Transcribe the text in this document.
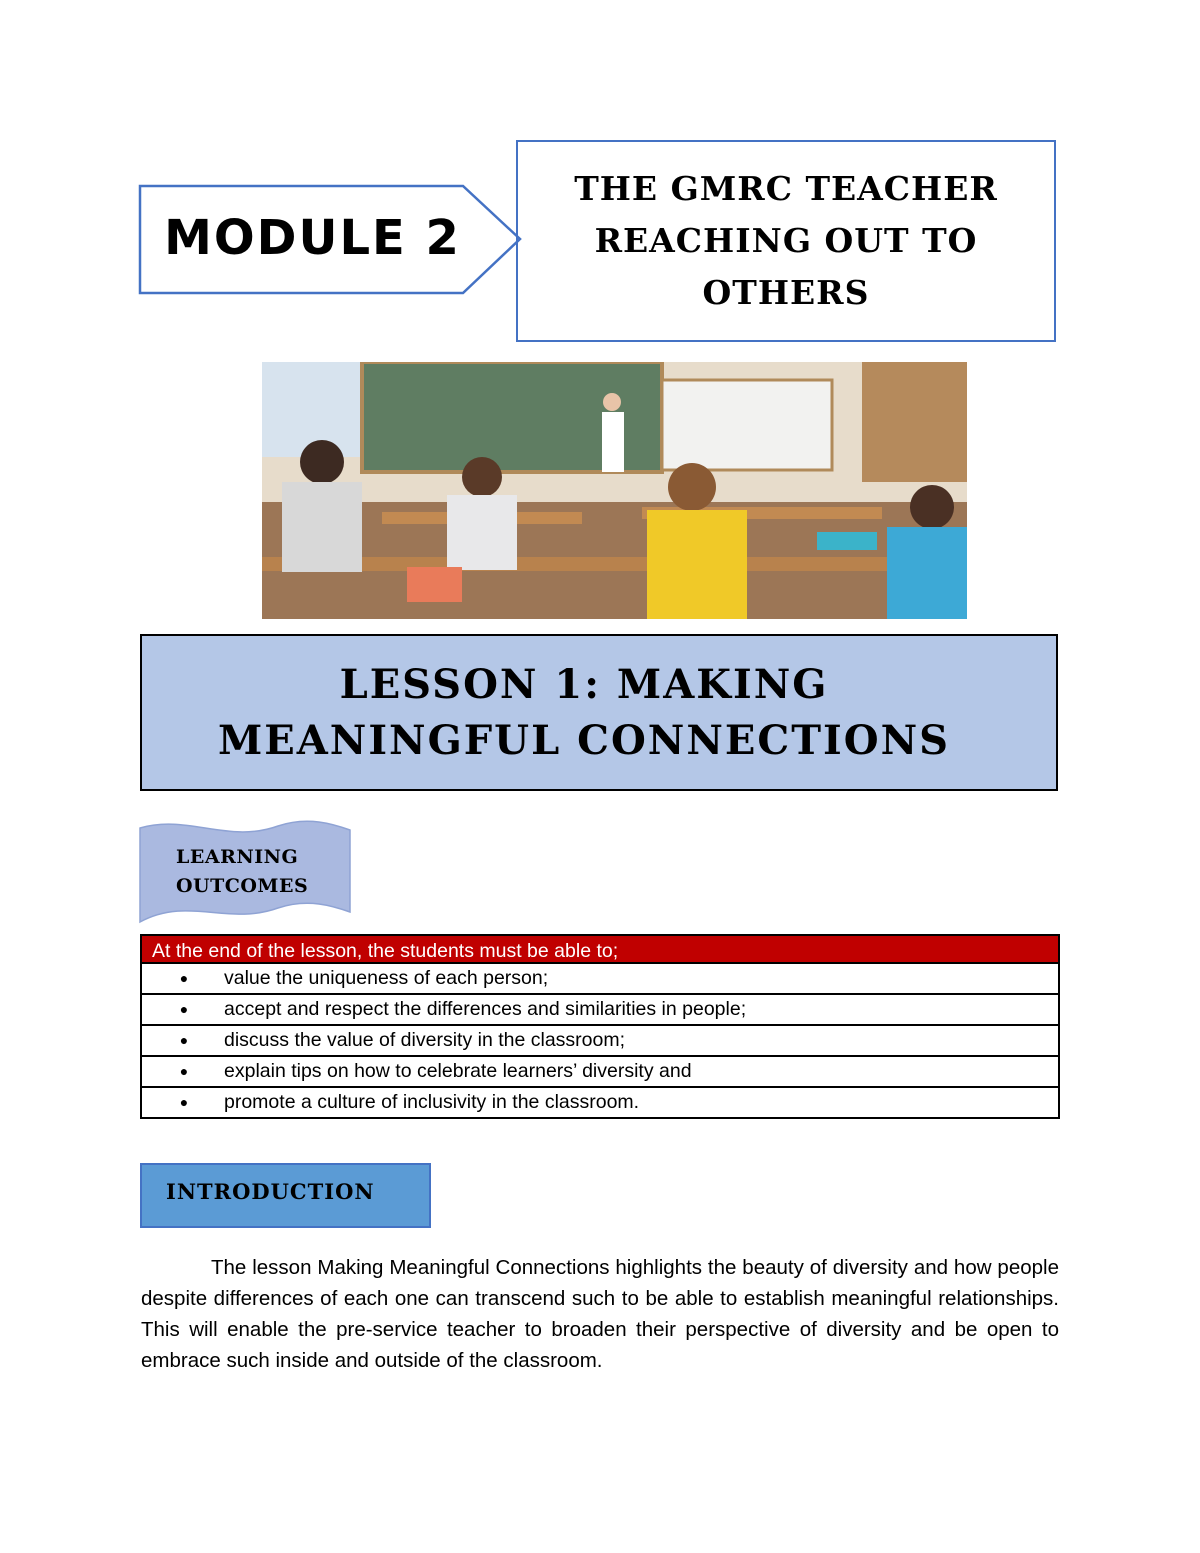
MODULE 2
THE GMRC TEACHER
REACHING OUT TO
OTHERS
LESSON 1: MAKING
MEANINGFUL CONNECTIONS
LEARNING
OUTCOMES
At the end of the lesson, the students must be able to;
●	value the uniqueness of each person;
●	accept and respect the differences and similarities in people;
●	discuss the value of diversity in the classroom;
●	explain tips on how to celebrate learners’ diversity and
●	promote a culture of inclusivity in the classroom.
INTRODUCTION

The lesson Making Meaningful Connections highlights the beauty of diversity and how people despite differences of each one can transcend such to be able to establish meaningful relationships. This will enable the pre-service teacher to broaden their perspective of diversity and be open to embrace such inside and outside of the classroom.
